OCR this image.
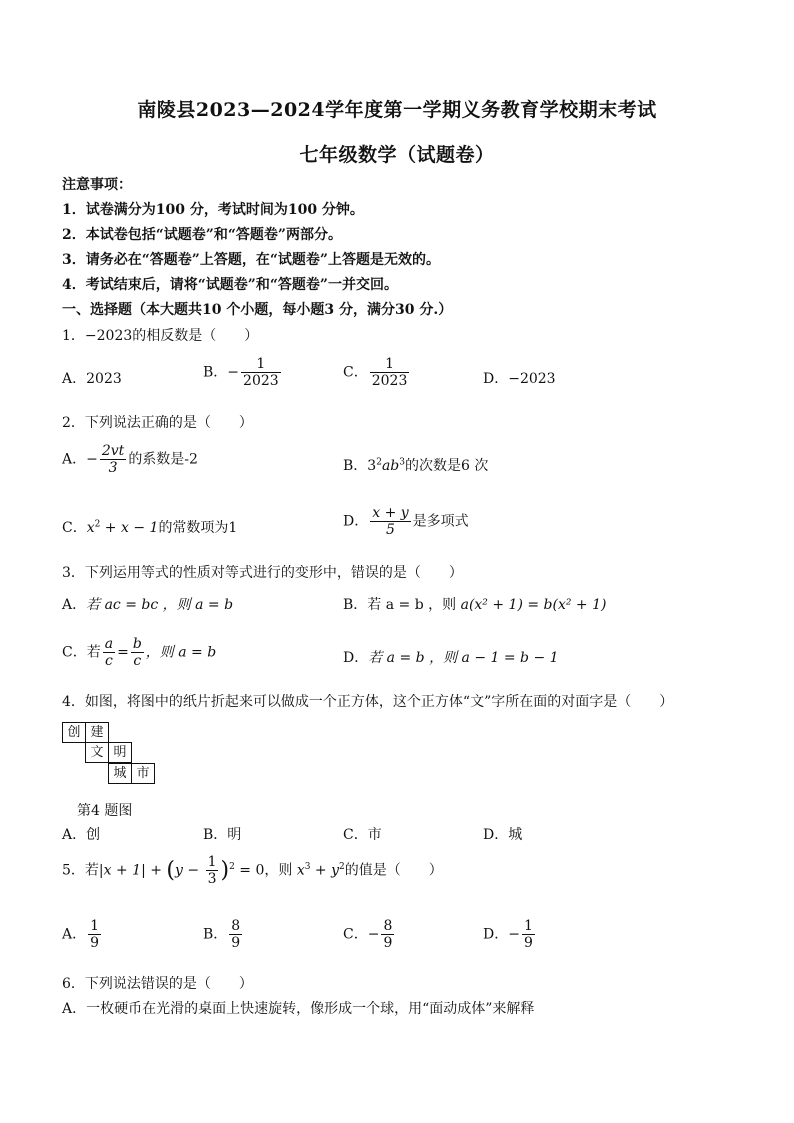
南陵县2023—2024学年度第一学期义务教育学校期末考试
七年级数学（试题卷）
注意事项：
1．试卷满分为100 分，考试时间为100 分钟。
2．本试卷包括“试题卷”和“答题卷”两部分。
3．请务必在“答题卷”上答题，在“试题卷”上答题是无效的。
4．考试结束后，请将“试题卷”和“答题卷”一并交回。
一、选择题（本大题共10 个小题，每小题3 分，满分30 分.）
1．−2023的相反数是（　　）
A．2023	B．− $\frac{1}{2023}$	C． $\frac{1}{2023}$	D．−2023
2．下列说法正确的是（　　）
A．− $\frac{2vt}{3}$ 的系数是-2	B．$3^2ab^3$的次数是6 次
C．$x^2 + x - 1$的常数项为1	D． $\frac{x + y}{5}$ 是多项式
3．下列运用等式的性质对等式进行的变形中，错误的是（　　）
A．若 ac = bc ，则 a = b	B．若 a = b ，则 a(x² + 1) = b(x² + 1)
C．若 $\frac{a}{c} = \frac{b}{c}$ ，则 a = b	D．若 a = b ，则 a − 1 = b − 1
4．如图，将图中的纸片折起来可以做成一个正方体，这个正方体“文”字所在面的对面字是（　　）
创 建
文 明
城 市
第4 题图
A．创	B．明	C．市	D．城
5．若$|x + 1| + (y - \frac{1}{3} )^2 = 0$，则 $x^3 + y^2$的值是（　　）
A． $\frac{1}{9}$	B． $\frac{8}{9}$	C．− $\frac{8}{9}$	D．− $\frac{1}{9}$
6．下列说法错误的是（　　）
A．一枚硬币在光滑的桌面上快速旋转，像形成一个球，用“面动成体”来解释
